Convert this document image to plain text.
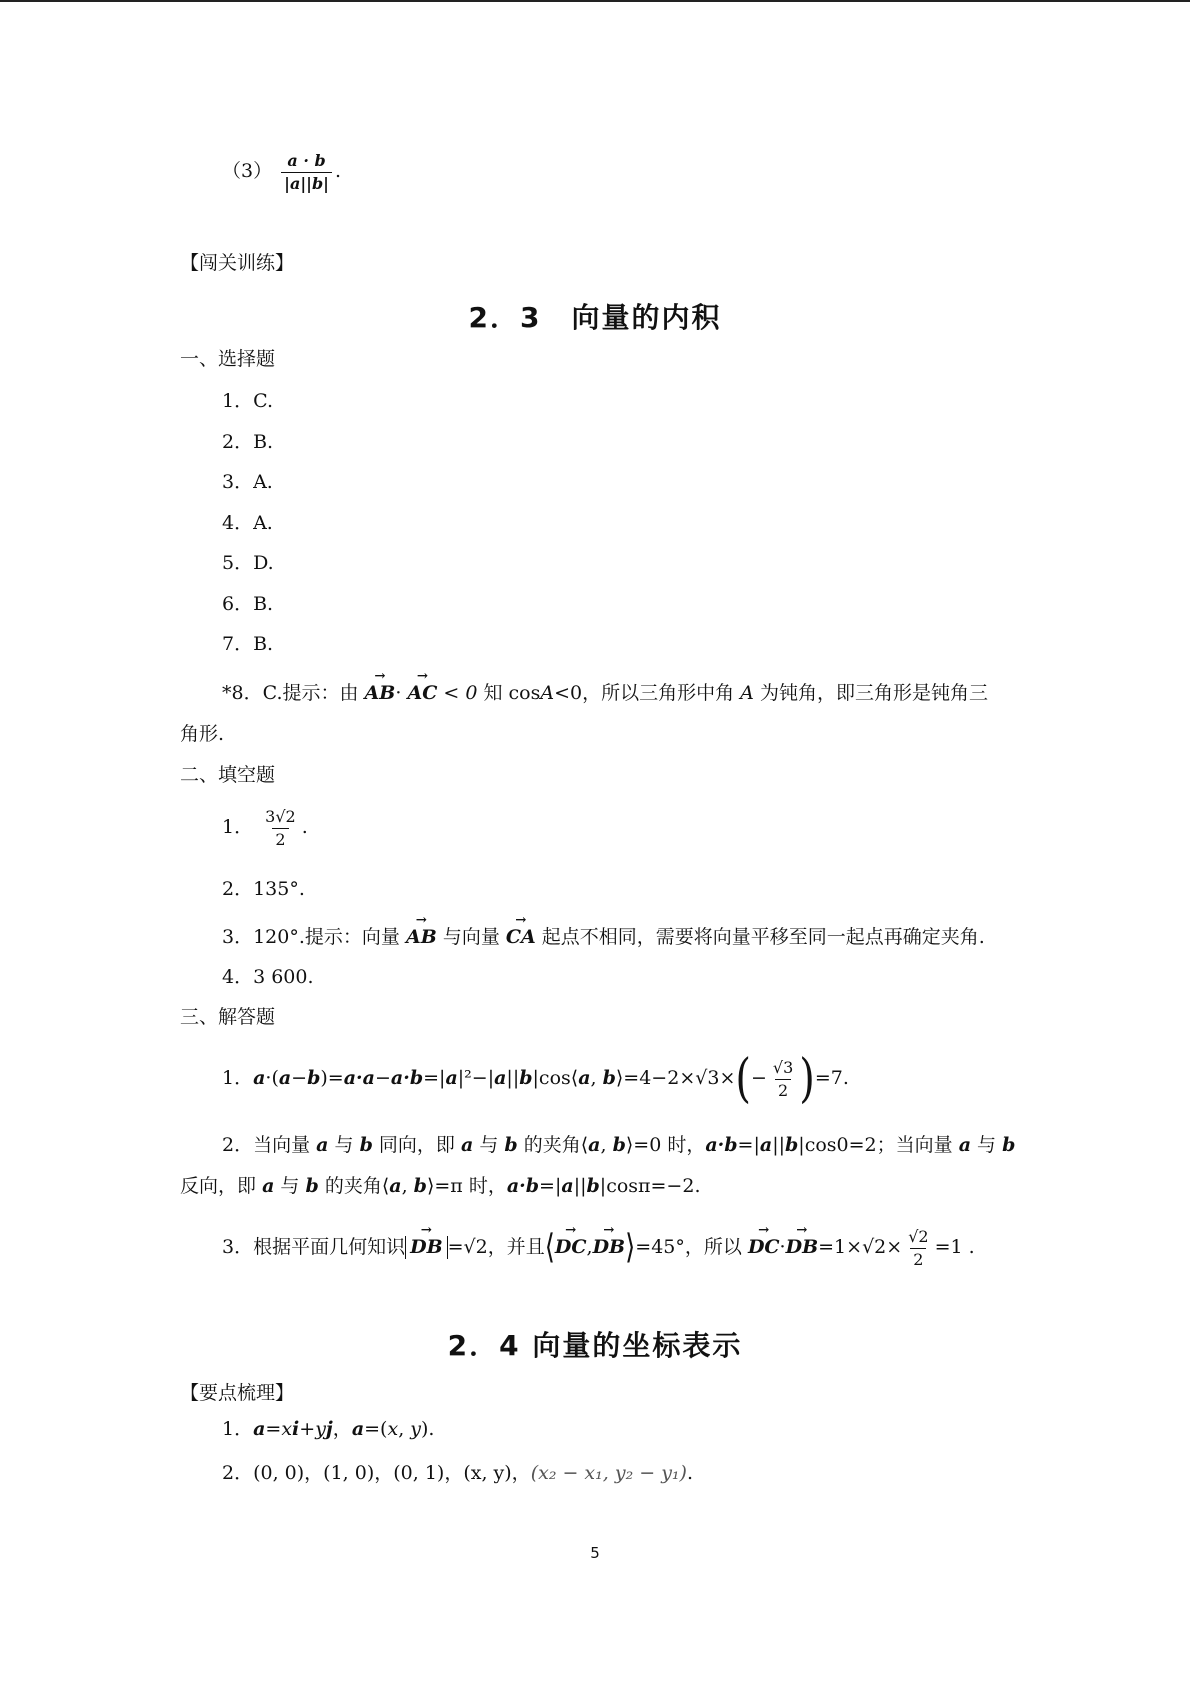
$(3) \frac{a \cdot b}{|a||b|}$ .
【闯关训练】
2．3　向量的内积
一、选择题
1．C.
2．B.
3．A.
4．A.
5．D.
6．B.
7．B.
*8．C.提示：由 AB →· AC → < 0 知 cosA<0，所以三角形中角 A 为钝角，即三角形是钝角三
角形.
二、填空题
1． $\frac{3√2}{2}$ .
2．135°.
3．120°.提示：向量 AB → 与向量 CA → 起点不相同，需要将向量平移至同一起点再确定夹角.
4．3 600.
三、解答题
1．a·(a−b)=a·a−a·b=|a|²−|a||b|cos⟨a, b⟩=4−2×√3×(− $\frac{√3}{2} )=7$.
2．当向量 a 与 b 同向，即 a 与 b 的夹角⟨a, b⟩=0 时，a·b=|a||b|cos0=2；当向量 a 与 b
反向，即 a 与 b 的夹角⟨a, b⟩=π 时，a·b=|a||b|cosπ=−2.
3．根据平面几何知识 DB → =√2，并且⟨DC →,DB →⟩=45°，所以 DC $\to\cdot DB \to=1\times√2\times \frac{√2}{2} =1$ .
2．4 向量的坐标表示
【要点梳理】
1．a=xi+yj，a=(x, y).
2．(0, 0)，(1, 0)，(0, 1)，(x, y)，(x₂ − x₁, y₂ − y₁).
5
